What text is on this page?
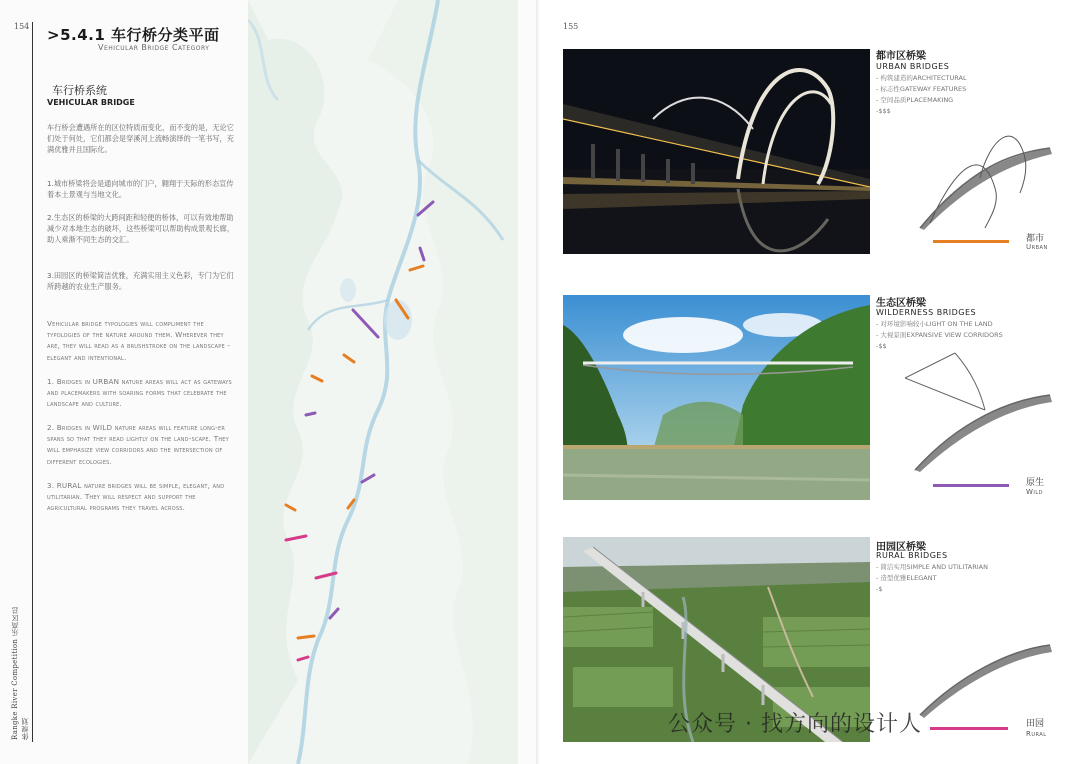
154
Rangke River Competition 乐高区总体规划
>5.4.1 车行桥分类平面
Vehicular Bridge Category
车行桥系统
VEHICULAR BRIDGE
车行桥会遭遇所在的区位特质而变化，而不变的是，无论它们处于何处，它们都会是穿溪河上流畅演绎的一笔书写，充满优雅并且国际化。
1.城市桥梁将会是通向城市的门户，翱翔于天际的形态宣传着本土景观与当地文化。
2.生态区的桥梁的大跨间距和轻便的桥体，可以有效地帮助减少对本地生态的破坏，这些桥梁可以帮助构成景观长廊，助人乘渐不同生态的交汇。
3.田园区的桥梁简洁优雅，充满实用主义色彩，专门为它们所跨越的农业生产服务。
Vehicular bridge typologies will compliment the typologies of the nature around them. Wherever they are, they will read as a brushstroke on the landscape - elegant and intentional.
1. Bridges in URBAN nature areas will act as gateways and placemakers with soaring forms that celebrate the landscape and culture.
2. Bridges in WILD nature areas will feature long-er spans so that they read lightly on the land-scape. They will emphasize view corridors and the intersection of different ecologies.
3. RURAL nature bridges will be simple, elegant, and utilitarian. They will respect and support the agricultural programs they travel across.
155
都市区桥梁
URBAN BRIDGES
- 构筑建造的ARCHITECTURAL
- 标志性GATEWAY FEATURES
- 空间品质PLACEMAKING
-$$$
都市
Urban
生态区桥梁
WILDERNESS BRIDGES
- 对环境影响较小LIGHT ON THE LAND
- 大视景面EXPANSIVE VIEW CORRIDORS
-$$
原生
Wild
田园区桥梁
RURAL BRIDGES
- 简洁实用SIMPLE AND UTILITARIAN
- 造型优雅ELEGANT
-$
田园
Rural
公众号 · 找方向的设计人
